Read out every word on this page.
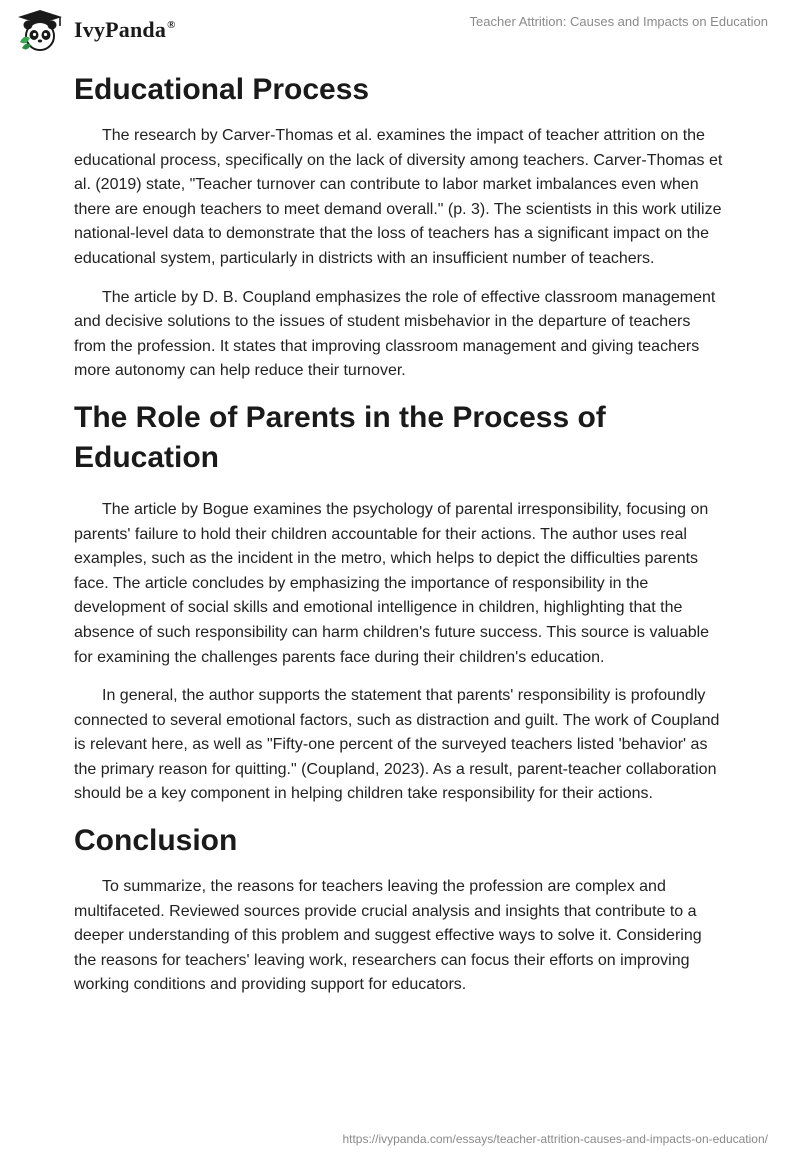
IvyPanda®	Teacher Attrition: Causes and Impacts on Education
Educational Process

The research by Carver-Thomas et al. examines the impact of teacher attrition on the educational process, specifically on the lack of diversity among teachers. Carver-Thomas et al. (2019) state, "Teacher turnover can contribute to labor market imbalances even when there are enough teachers to meet demand overall." (p. 3). The scientists in this work utilize national-level data to demonstrate that the loss of teachers has a significant impact on the educational system, particularly in districts with an insufficient number of teachers.

The article by D. B. Coupland emphasizes the role of effective classroom management and decisive solutions to the issues of student misbehavior in the departure of teachers from the profession. It states that improving classroom management and giving teachers more autonomy can help reduce their turnover.

The Role of Parents in the Process of Education

The article by Bogue examines the psychology of parental irresponsibility, focusing on parents' failure to hold their children accountable for their actions. The author uses real examples, such as the incident in the metro, which helps to depict the difficulties parents face. The article concludes by emphasizing the importance of responsibility in the development of social skills and emotional intelligence in children, highlighting that the absence of such responsibility can harm children's future success. This source is valuable for examining the challenges parents face during their children's education.

In general, the author supports the statement that parents' responsibility is profoundly connected to several emotional factors, such as distraction and guilt. The work of Coupland is relevant here, as well as "Fifty-one percent of the surveyed teachers listed 'behavior' as the primary reason for quitting." (Coupland, 2023). As a result, parent-teacher collaboration should be a key component in helping children take responsibility for their actions.

Conclusion

To summarize, the reasons for teachers leaving the profession are complex and multifaceted. Reviewed sources provide crucial analysis and insights that contribute to a deeper understanding of this problem and suggest effective ways to solve it. Considering the reasons for teachers' leaving work, researchers can focus their efforts on improving working conditions and providing support for educators.

https://ivypanda.com/essays/teacher-attrition-causes-and-impacts-on-education/
